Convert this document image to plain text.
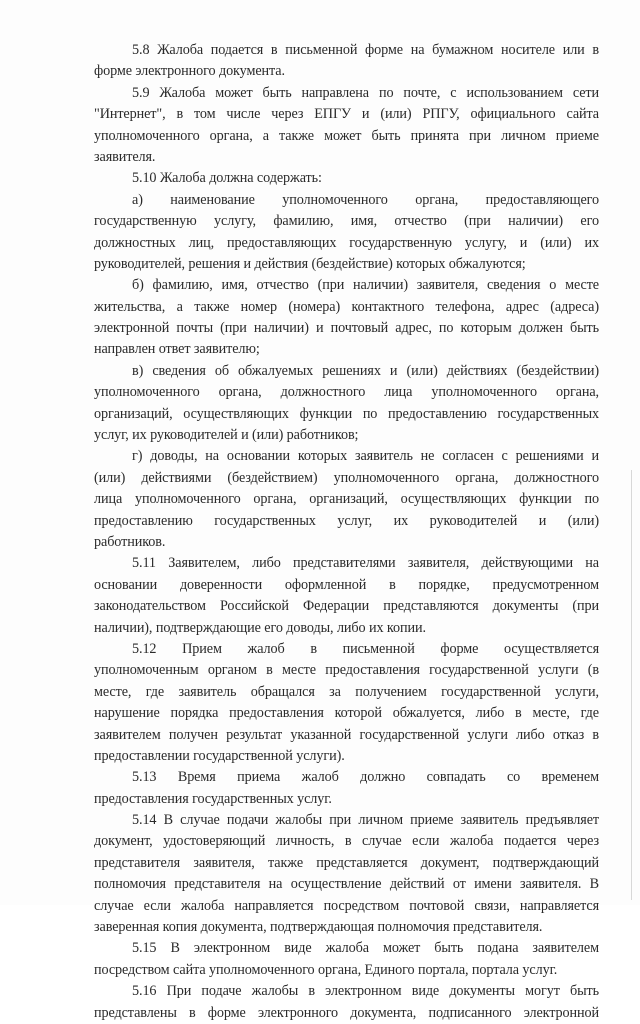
5.8 Жалоба подается в письменной форме на бумажном носителе или в
форме электронного документа.
5.9 Жалоба может быть направлена по почте, с использованием сети
"Интернет", в том числе через ЕПГУ и (или) РПГУ, официального сайта
уполномоченного органа, а также может быть принята при личном приеме
заявителя.
5.10 Жалоба должна содержать:
а) наименование уполномоченного органа, предоставляющего
государственную услугу, фамилию, имя, отчество (при наличии) его
должностных лиц, предоставляющих государственную услугу, и (или) их
руководителей, решения и действия (бездействие) которых обжалуются;
б) фамилию, имя, отчество (при наличии) заявителя, сведения о месте
жительства, а также номер (номера) контактного телефона, адрес (адреса)
электронной почты (при наличии) и почтовый адрес, по которым должен быть
направлен ответ заявителю;
в) сведения об обжалуемых решениях и (или) действиях (бездействии)
уполномоченного органа, должностного лица уполномоченного органа,
организаций, осуществляющих функции по предоставлению государственных
услуг, их руководителей и (или) работников;
г) доводы, на основании которых заявитель не согласен с решениями и
(или) действиями (бездействием) уполномоченного органа, должностного
лица уполномоченного органа, организаций, осуществляющих функции по
предоставлению государственных услуг, их руководителей и (или)
работников.
5.11 Заявителем, либо представителями заявителя, действующими на
основании доверенности оформленной в порядке, предусмотренном
законодательством Российской Федерации представляются документы (при
наличии), подтверждающие его доводы, либо их копии.
5.12 Прием жалоб в письменной форме осуществляется
уполномоченным органом в месте предоставления государственной услуги (в
месте, где заявитель обращался за получением государственной услуги,
нарушение порядка предоставления которой обжалуется, либо в месте, где
заявителем получен результат указанной государственной услуги либо отказ в
предоставлении государственной услуги).
5.13 Время приема жалоб должно совпадать со временем
предоставления государственных услуг.
5.14 В случае подачи жалобы при личном приеме заявитель предъявляет
документ, удостоверяющий личность, в случае если жалоба подается через
представителя заявителя, также представляется документ, подтверждающий
полномочия представителя на осуществление действий от имени заявителя. В
случае если жалоба направляется посредством почтовой связи, направляется
заверенная копия документа, подтверждающая полномочия представителя.
5.15 В электронном виде жалоба может быть подана заявителем
посредством сайта уполномоченного органа, Единого портала, портала услуг.
5.16 При подаче жалобы в электронном виде документы могут быть
представлены в форме электронного документа, подписанного электронной
